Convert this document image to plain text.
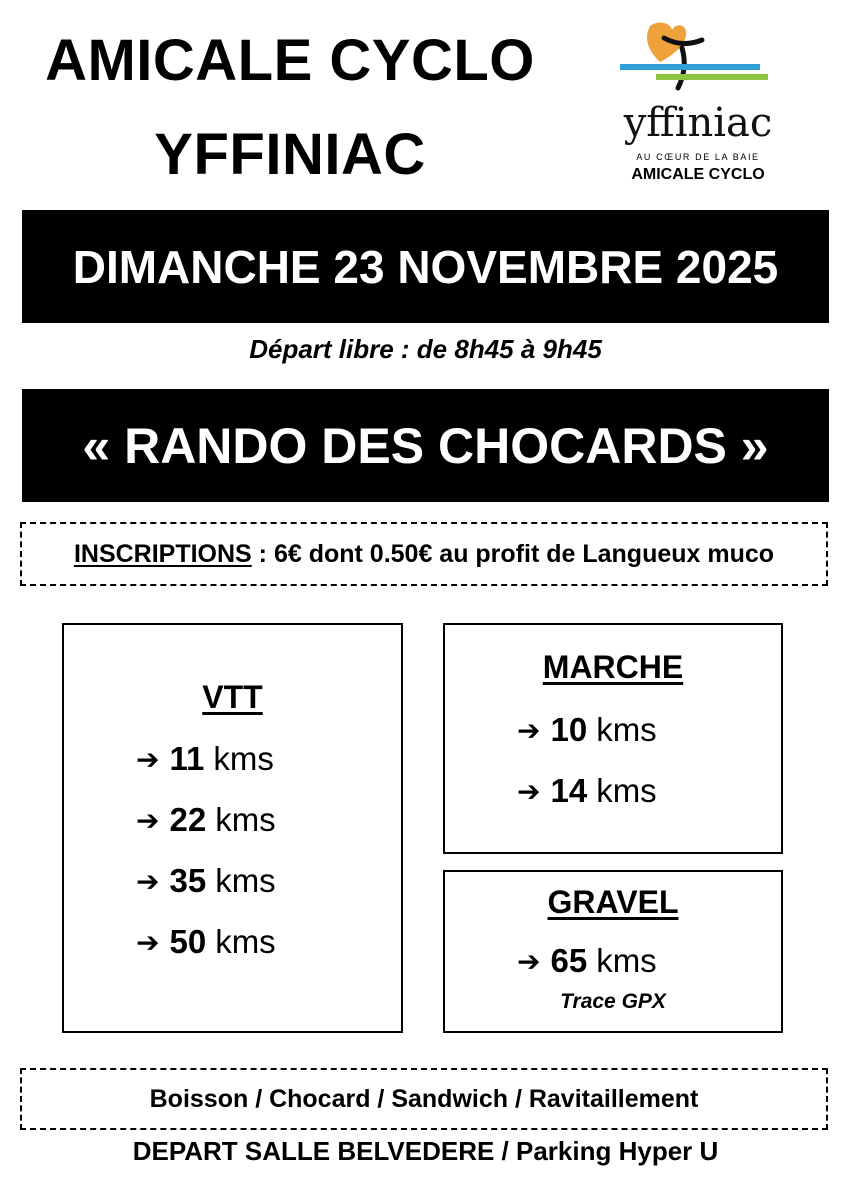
AMICALE CYCLO
YFFINIAC	yffiniac
AU CŒUR DE LA BAIE
AMICALE CYCLO
DIMANCHE 23 NOVEMBRE 2025
Départ libre : de 8h45 à 9h45
« RANDO DES CHOCARDS »
INSCRIPTIONS : 6€ dont 0.50€ au profit de Langueux muco
VTT
➔ 11 kms
➔ 22 kms
➔ 35 kms
➔ 50 kms
MARCHE
➔ 10 kms
➔ 14 kms
GRAVEL
➔ 65 kms
Trace GPX
Boisson / Chocard / Sandwich / Ravitaillement
DEPART SALLE BELVEDERE / Parking Hyper U
